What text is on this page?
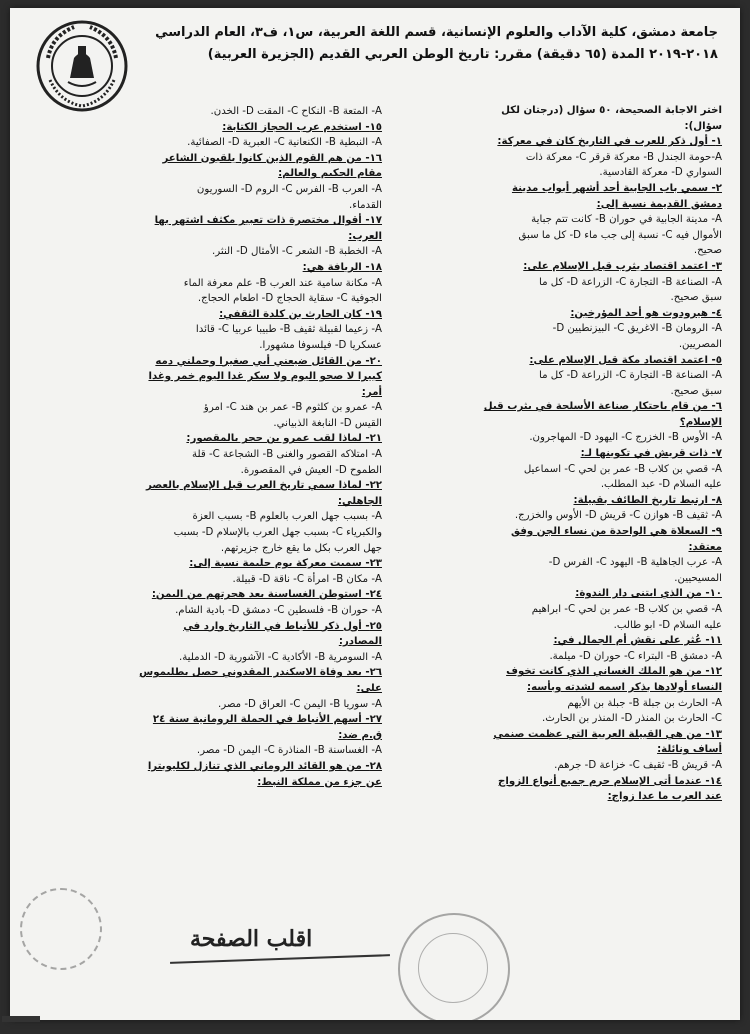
جامعة دمشق، كلية الآداب والعلوم الإنسانية، قسم اللغة العربية، س١، ف٣، العام الدراسي
٢٠١٨-٢٠١٩ المدة (٦٥ دقيقة) مقرر: تاريخ الوطن العربي القديم (الجزيرة العربية)
اختر الاجابة الصحيحة، ٥٠ سؤال (درجتان لكل
سؤال):
١- أول ذكر للعرب في التاريخ كان في معركة:
A-حومة الجندل B- معركة قرقر C- معركة ذات
السواري D- معركة القادسية.
٢- سمي باب الجابية أحد أشهر أبواب مدينة
دمشق القديمة نسبة إلى:
A- مدينة الجابية في حوران B- كانت تتم جباية
الأموال فيه C- نسبة إلى جب ماء D- كل ما سبق
صحيح.
٣- اعتمد اقتصاد يثرب قبل الإسلام على:
A- الصناعة B- التجارة C- الزراعة D- كل ما
سبق صحيح.
٤- هيرودوت هو أحد المؤرخين:
A- الرومان B- الاغريق C- البيزنطيين D-
المصريين.
٥- اعتمد اقتصاد مكة قبل الإسلام على:
A- الصناعة B- التجارة C- الزراعة D- كل ما
سبق صحيح.
٦- من قام باحتكار صناعة الأسلحة في يثرب قبل
الإسلام؟
A- الأوس B- الخزرج C- اليهود D- المهاجرون.
٧- ذات قريش في تكوينها لـ:
A- قصي بن كلاب B- عمر بن لحي C- اسماعيل
عليه السلام D- عبد المطلب.
٨- ارتبط تاريخ الطائف بقبيلة:
A- ثقيف B- هوازن C- قريش D- الأوس والخزرج.
٩- السعلاة هي الواحدة من نساء الجن وفق
معتقد:
A- عرب الجاهلية B- اليهود C- الفرس D-
المسيحيين.
١٠- من الذي ابتنى دار الندوة:
A- قصي بن كلاب B- عمر بن لحي C- ابراهيم
عليه السلام D- ابو طالب.
١١- عُثر على نقش أم الجمال في:
A- دمشق B- البتراء C- حوران D- ميلمة.
١٢- من هو الملك الغساني الذي كانت تخوف
النساء أولادها بذكر اسمه لشدته وبأسه:
A- الحارث بن جبلة B- جبلة بن الأيهم
C- الحارث بن المنذر D- المنذر بن الحارث.
١٣- من هي القبيلة العربية التي عظمت صنمي
أساف ونائلة:
A- قريش B- ثقيف C- خزاعة D- جرهم.
١٤- عندما أتى الإسلام حرم جميع أنواع الزواج
عند العرب ما عدا زواج:
A- المتعة B- النكاح C- المقت D- الخدن.
١٥- استخدم عرب الحجاز الكتابة:
A- النبطية B- الكنعانية C- العبرية D- الصفائية.
١٦- من هم القوم الذين كانوا يلقبون الشاعر
مقام الحكيم والعالم:
A- العرب B- الفرس C- الروم D- السوريون
القدماء.
١٧- أقوال مختصرة ذات تعبير مكثف اشتهر بها
العرب:
A- الخطبة B- الشعر C- الأمثال D- النثر.
١٨- الريافة هي:
A- مكانة سامية عند العرب B- علم معرفة الماء
الجوفية C- سقاية الحجاج D- اطعام الحجاج.
١٩- كان الحارث بن كلدة الثقفي:
A- زعيما لقبيلة ثقيف B- طبيبا عربيا C- قائدا
عسكريا D- فيلسوفا مشهورا.
٢٠- من القائل ضيعني أبي صغيرا وحملني دمه
كبيرا لا صحو اليوم ولا سكر غدا اليوم خمر وغدا
أمر:
A- عمرو بن كلثوم B- عمر بن هند C- امرؤ
القيس D- النابغة الذبياني.
٢١- لماذا لقب عمرو بن حجر بالمقصور:
A- امتلاكه القصور والغنى B- الشجاعة C- قلة
الطموح D- العيش في المقصورة.
٢٢- لماذا سمي تاريخ العرب قبل الإسلام بالعصر
الجاهلي:
A- بسبب جهل العرب بالعلوم B- بسبب العزة
والكبرياء C- بسبب جهل العرب بالإسلام D- بسبب
جهل العرب بكل ما يقع خارج جزيرتهم.
٢٣- سميت معركة يوم حليمة نسبة إلى:
A- مكان B- امرأة C- ناقة D- قبيلة.
٢٤- استوطن الغساسنة بعد هجرتهم من اليمن:
A- حوران B- فلسطين C- دمشق D- بادية الشام.
٢٥- أول ذكر للأنباط في التاريخ وارد في
المصادر:
A- السومرية B- الأكادية C- الآشورية D- الدملية.
٢٦- بعد وفاة الاسكندر المقدوني حصل بطليموس
على:
A- سوريا B- اليمن C- العراق D- مصر.
٢٧- أسهم الأنباط في الحملة الرومانية سنة ٢٤
ق.م ضد:
A- الغساسنة B- المناذرة C- اليمن D- مصر.
٢٨- من هو القائد الروماني الذي تنازل لكليوبترا
عن جزء من مملكة النبط:
اقلب الصفحة
